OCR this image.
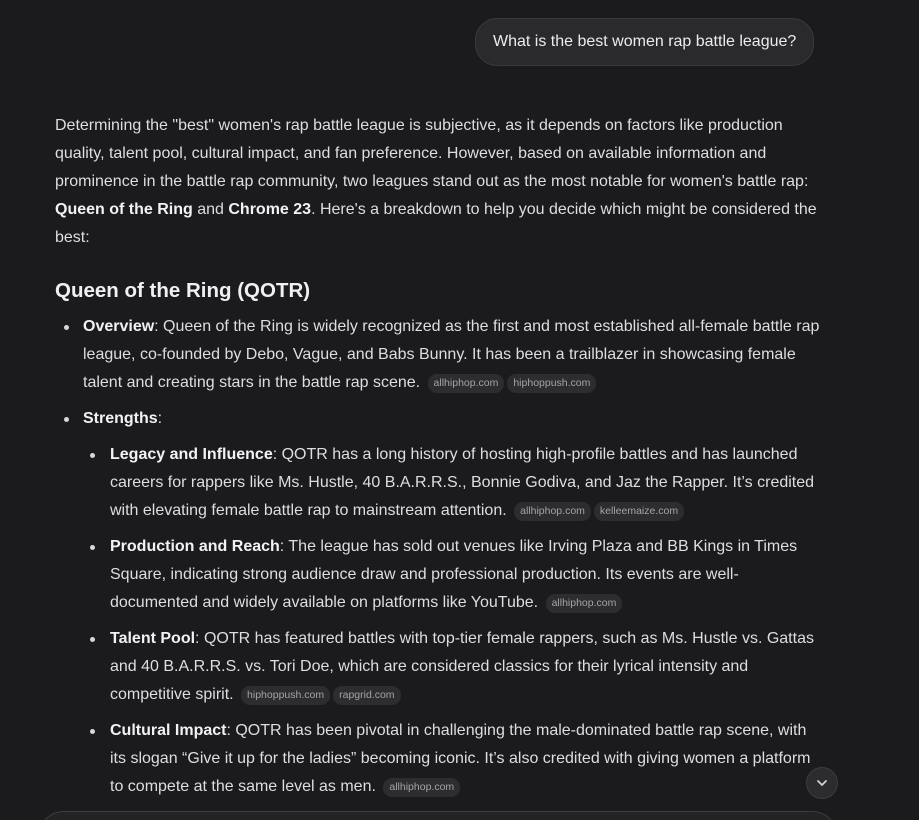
What is the best women rap battle league?

Determining the "best" women's rap battle league is subjective, as it depends on factors like production quality, talent pool, cultural impact, and fan preference. However, based on available information and prominence in the battle rap community, two leagues stand out as the most notable for women's battle rap: Queen of the Ring and Chrome 23. Here's a breakdown to help you decide which might be considered the best:

Queen of the Ring (QOTR)
Overview: Queen of the Ring is widely recognized as the first and most established all-female battle rap league, co-founded by Debo, Vague, and Babs Bunny. It has been a trailblazer in showcasing female talent and creating stars in the battle rap scene. allhiphop.com hiphoppush.com
Strengths:
Legacy and Influence: QOTR has a long history of hosting high-profile battles and has launched careers for rappers like Ms. Hustle, 40 B.A.R.R.S., Bonnie Godiva, and Jaz the Rapper. It’s credited with elevating female battle rap to mainstream attention. allhiphop.com kelleemaize.com
Production and Reach: The league has sold out venues like Irving Plaza and BB Kings in Times Square, indicating strong audience draw and professional production. Its events are well-documented and widely available on platforms like YouTube. allhiphop.com
Talent Pool: QOTR has featured battles with top-tier female rappers, such as Ms. Hustle vs. Gattas and 40 B.A.R.R.S. vs. Tori Doe, which are considered classics for their lyrical intensity and competitive spirit. hiphoppush.com rapgrid.com
Cultural Impact: QOTR has been pivotal in challenging the male-dominated battle rap scene, with its slogan “Give it up for the ladies” becoming iconic. It’s also credited with giving women a platform to compete at the same level as men. allhiphop.com
